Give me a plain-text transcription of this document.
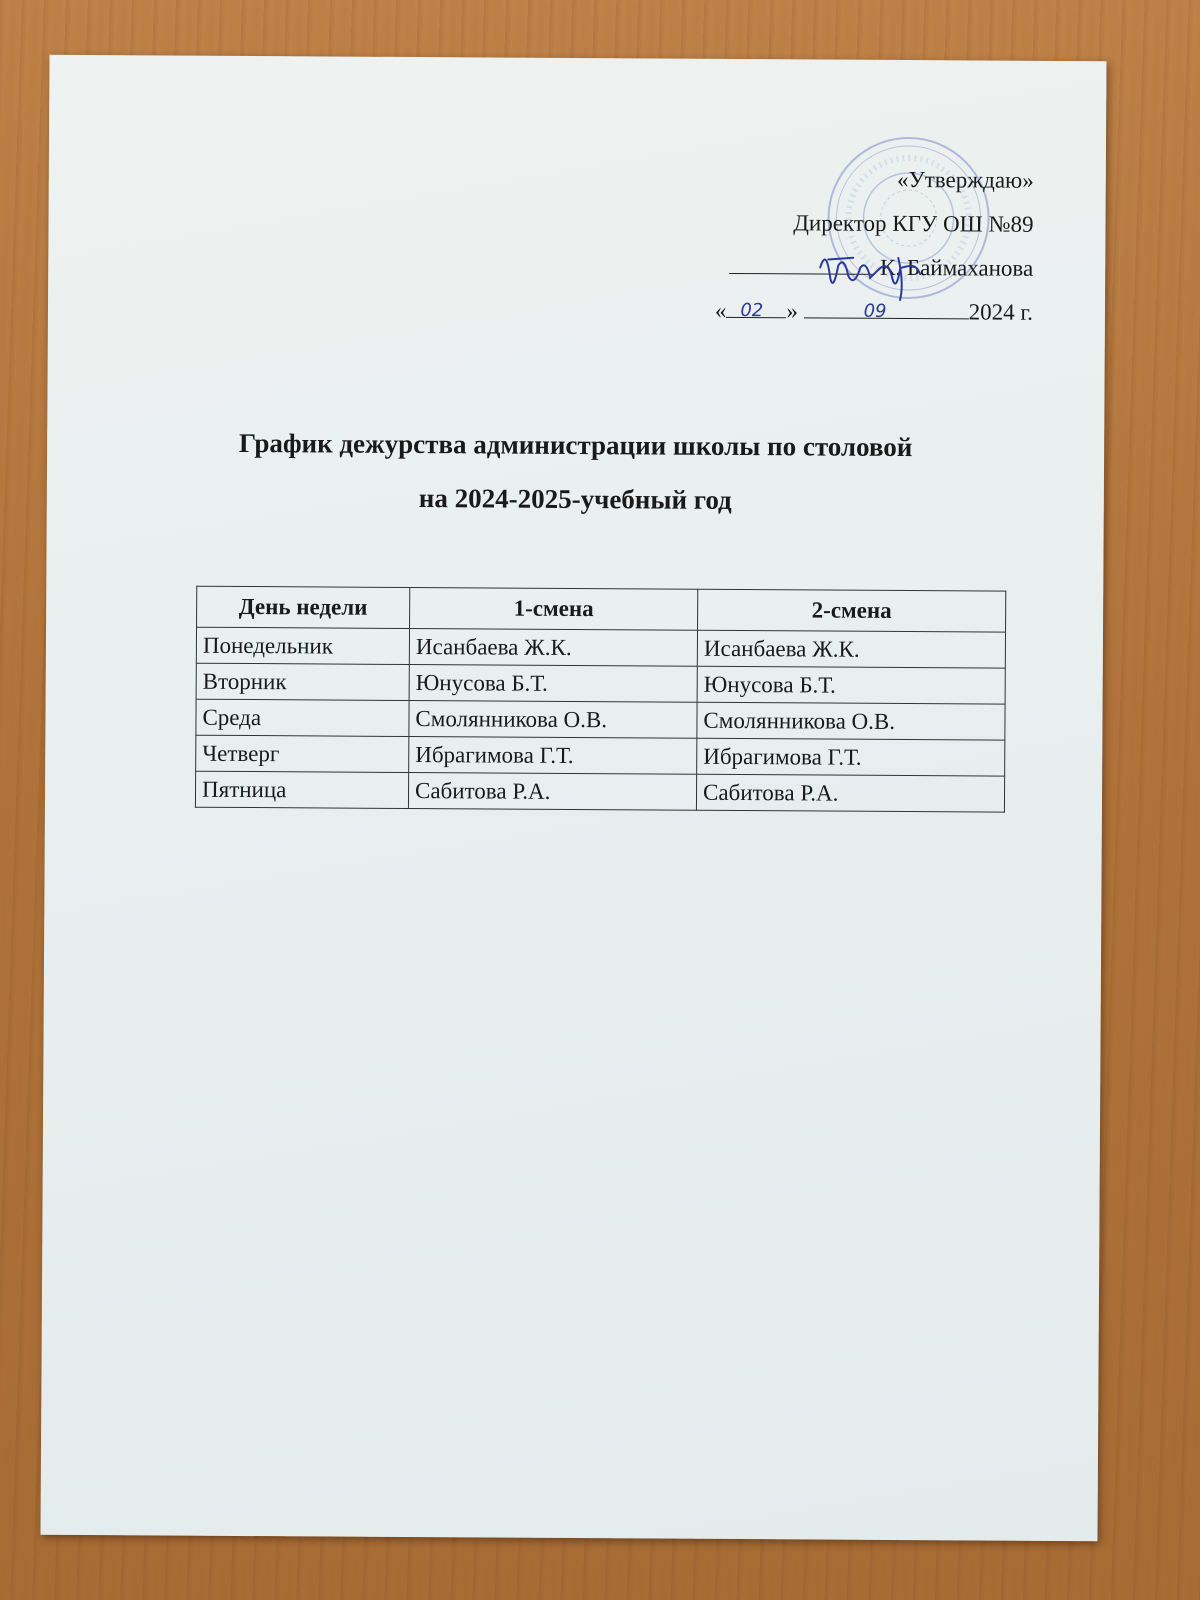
«Утверждаю»
Директор КГУ ОШ №89
К. Баймаханова
« 02 »	09	2024 г.
График дежурства администрации школы по столовой
на 2024-2025-учебный год
День недели	1-смена	2-смена
Понедельник	Исанбаева Ж.К.	Исанбаева Ж.К.
Вторник	Юнусова Б.Т.	Юнусова Б.Т.
Среда	Смолянникова О.В.	Смолянникова О.В.
Четверг	Ибрагимова Г.Т.	Ибрагимова Г.Т.
Пятница	Сабитова Р.А.	Сабитова Р.А.
